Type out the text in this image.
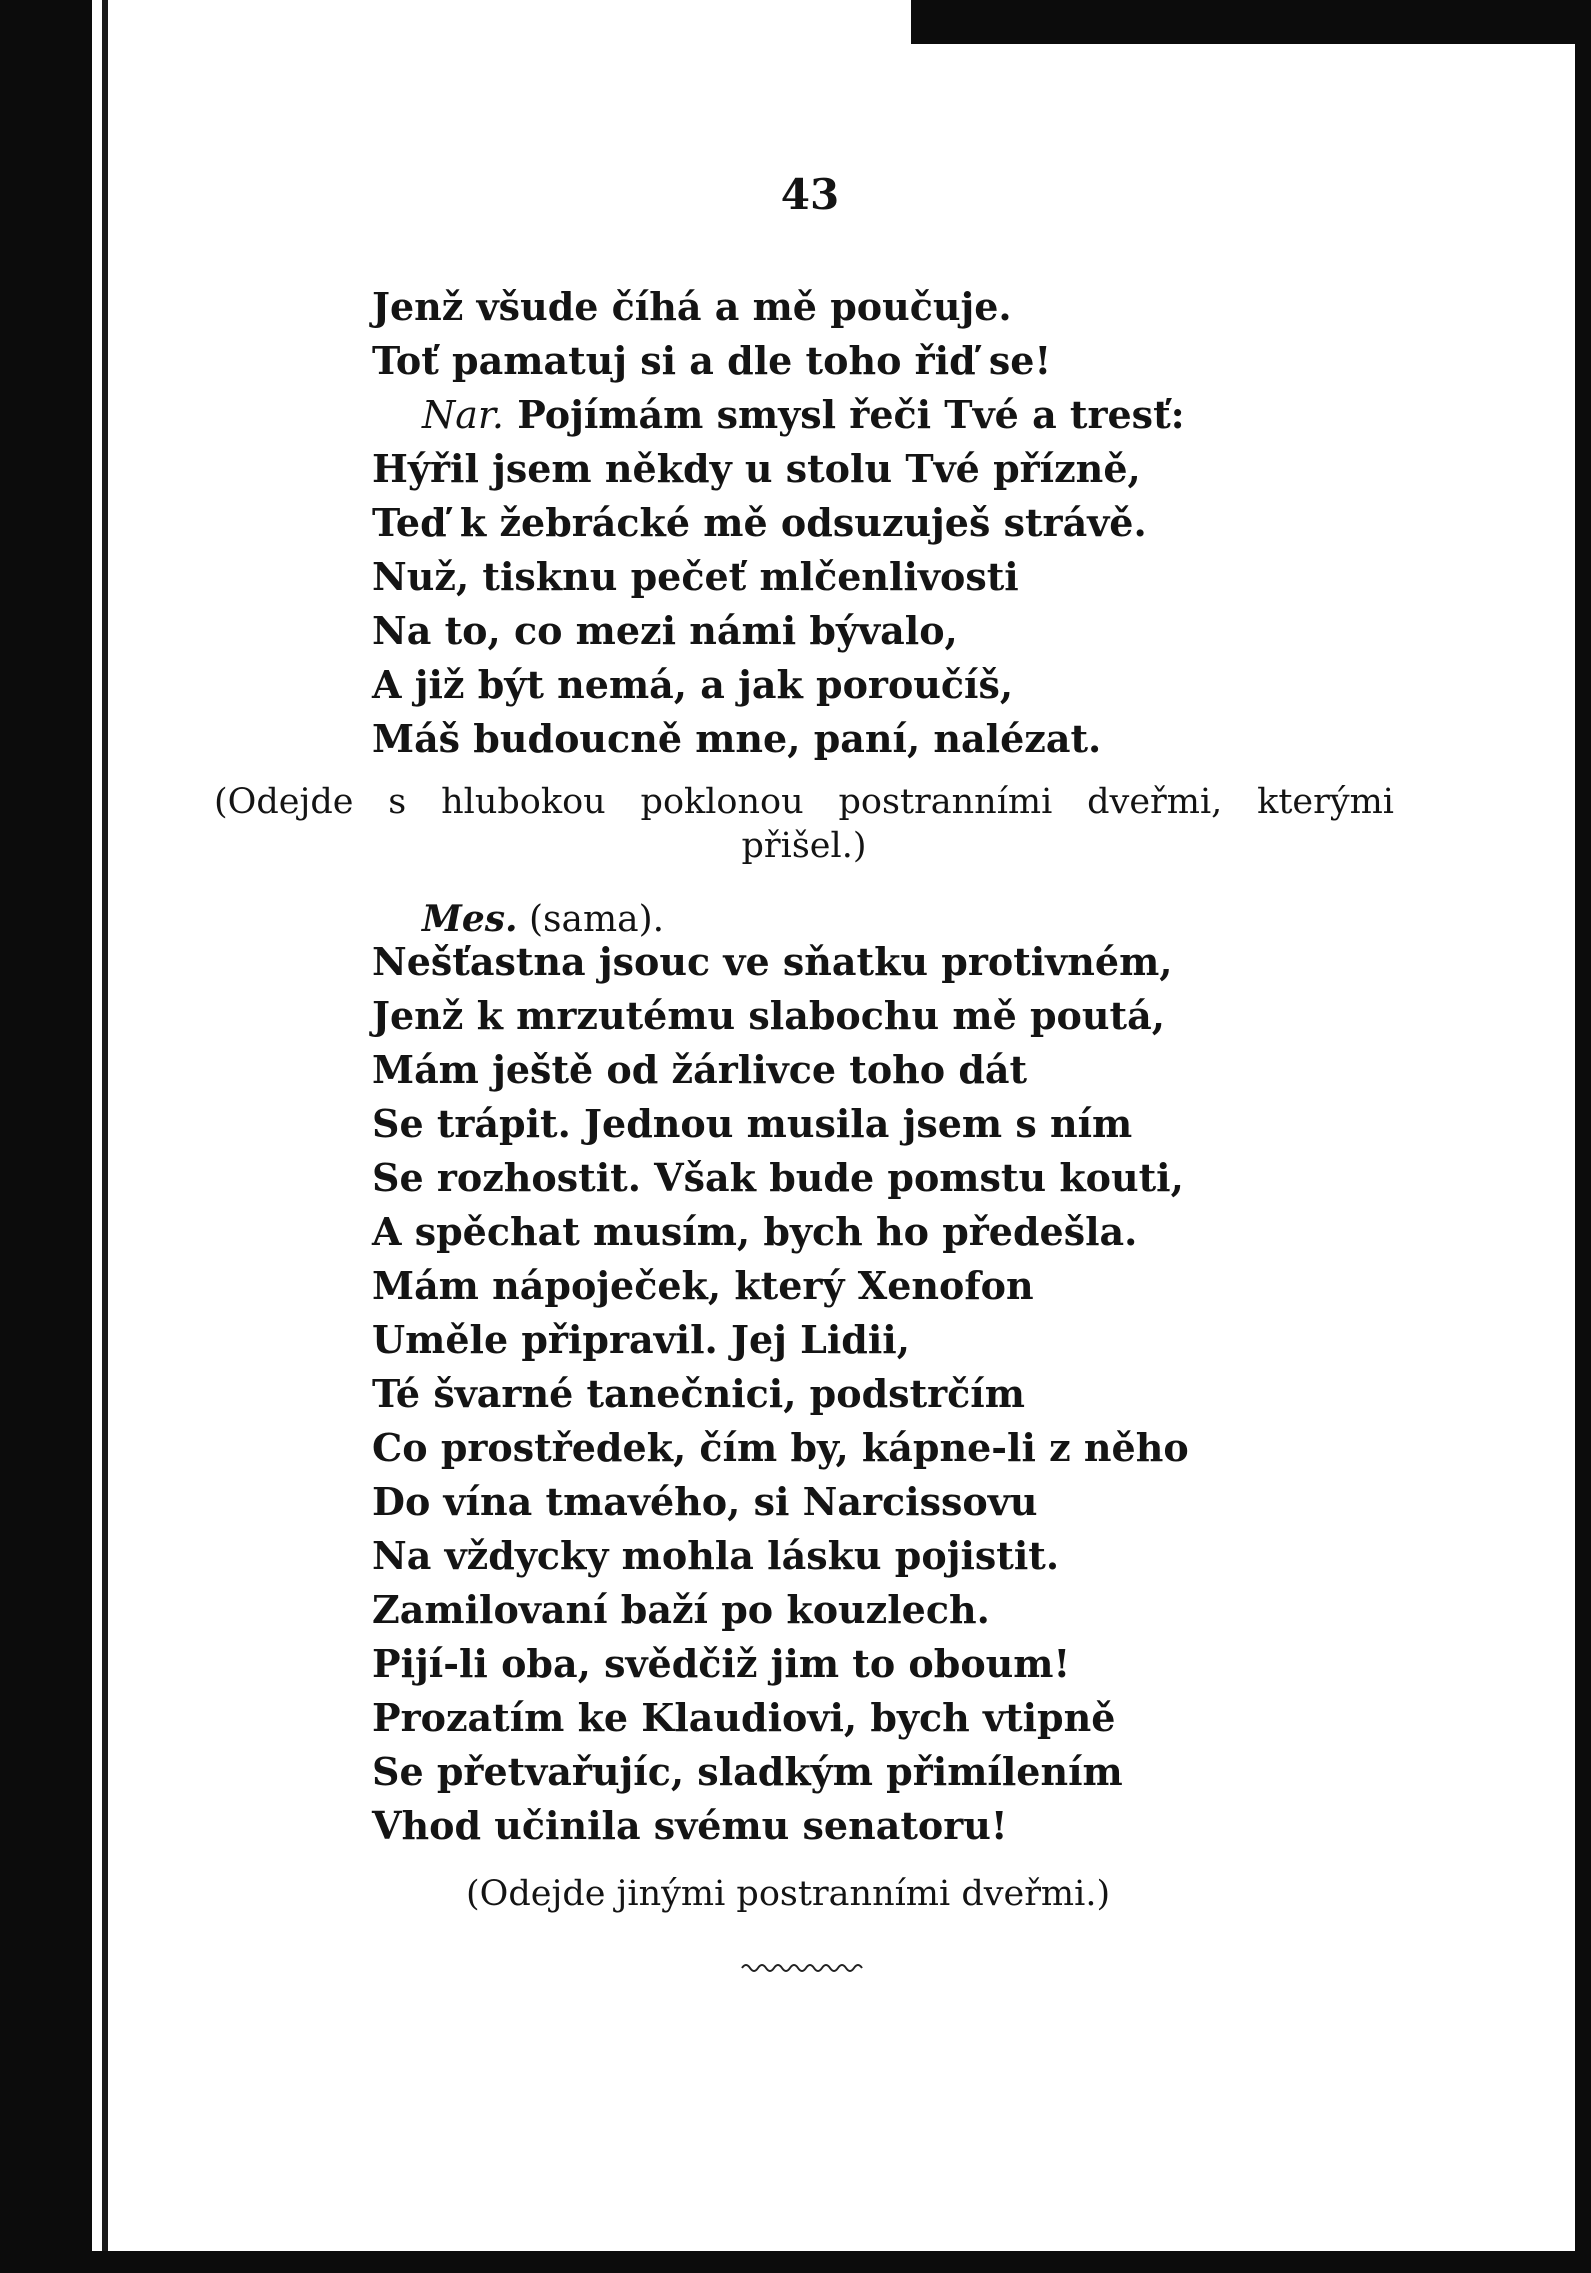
43
Jenž všude číhá a mě poučuje.
Toť pamatuj si a dle toho řiď se!
Nar. Pojímám smysl řeči Tvé a tresť:
Hýřil jsem někdy u stolu Tvé přízně,
Teď k žebrácké mě odsuzuješ strávě.
Nuž, tisknu pečeť mlčenlivosti
Na to, co mezi námi bývalo,
A již být nemá, a jak poroučíš,
Máš budoucně mne, paní, nalézat.
(Odejde s hlubokou poklonou postranními dveřmi, kterými
přišel.)
Mes. (sama).
Nešťastna jsouc ve sňatku protivném,
Jenž k mrzutému slabochu mě poutá,
Mám ještě od žárlivce toho dát
Se trápit. Jednou musila jsem s ním
Se rozhostit. Však bude pomstu kouti,
A spěchat musím, bych ho předešla.
Mám nápoječek, který Xenofon
Uměle připravil. Jej Lidii,
Té švarné tanečnici, podstrčím
Co prostředek, čím by, kápne-li z něho
Do vína tmavého, si Narcissovu
Na vždycky mohla lásku pojistit.
Zamilovaní baží po kouzlech.
Pijí-li oba, svědčiž jim to oboum!
Prozatím ke Klaudiovi, bych vtipně
Se přetvařujíc, sladkým přimílením
Vhod učinila svému senatoru!
(Odejde jinými postranními dveřmi.)
